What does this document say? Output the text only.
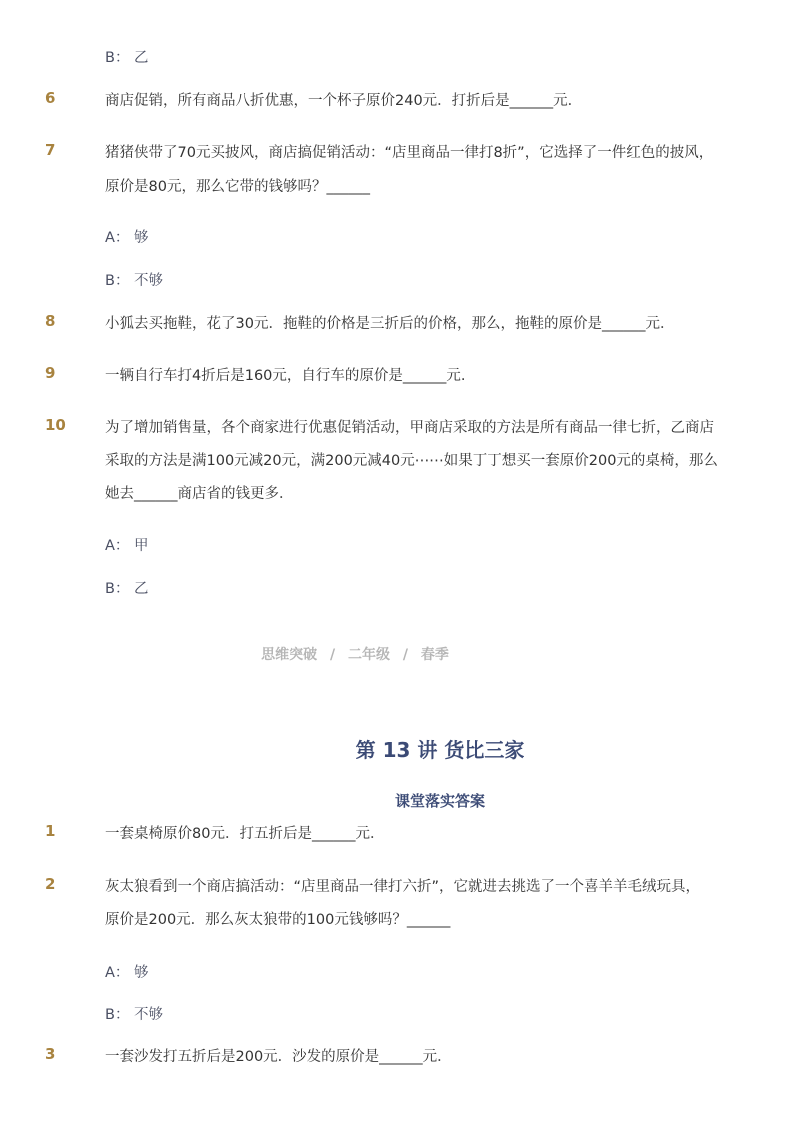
B： 乙
6	商店促销，所有商品八折优惠，一个杯子原价240元．打折后是______元．
7	猪猪侠带了70元买披风，商店搞促销活动：“店里商品一律打8折”，它选择了一件红色的披风，
原价是80元，那么它带的钱够吗？______
A： 够
B： 不够
8	小狐去买拖鞋，花了30元．拖鞋的价格是三折后的价格，那么，拖鞋的原价是______元．
9	一辆自行车打4折后是160元，自行车的原价是______元.
10	为了增加销售量，各个商家进行优惠促销活动，甲商店采取的方法是所有商品一律七折，乙商店
采取的方法是满100元减20元，满200元减40元⋯⋯如果丁丁想买一套原价200元的桌椅，那么
她去______商店省的钱更多．
A： 甲
B： 乙
思维突破 / 二年级 / 春季
第 13 讲 货比三家
课堂落实答案
1	一套桌椅原价80元．打五折后是______元．
2	灰太狼看到一个商店搞活动：“店里商品一律打六折”，它就进去挑选了一个喜羊羊毛绒玩具，
原价是200元．那么灰太狼带的100元钱够吗？______
A： 够
B： 不够
3	一套沙发打五折后是200元．沙发的原价是______元．
